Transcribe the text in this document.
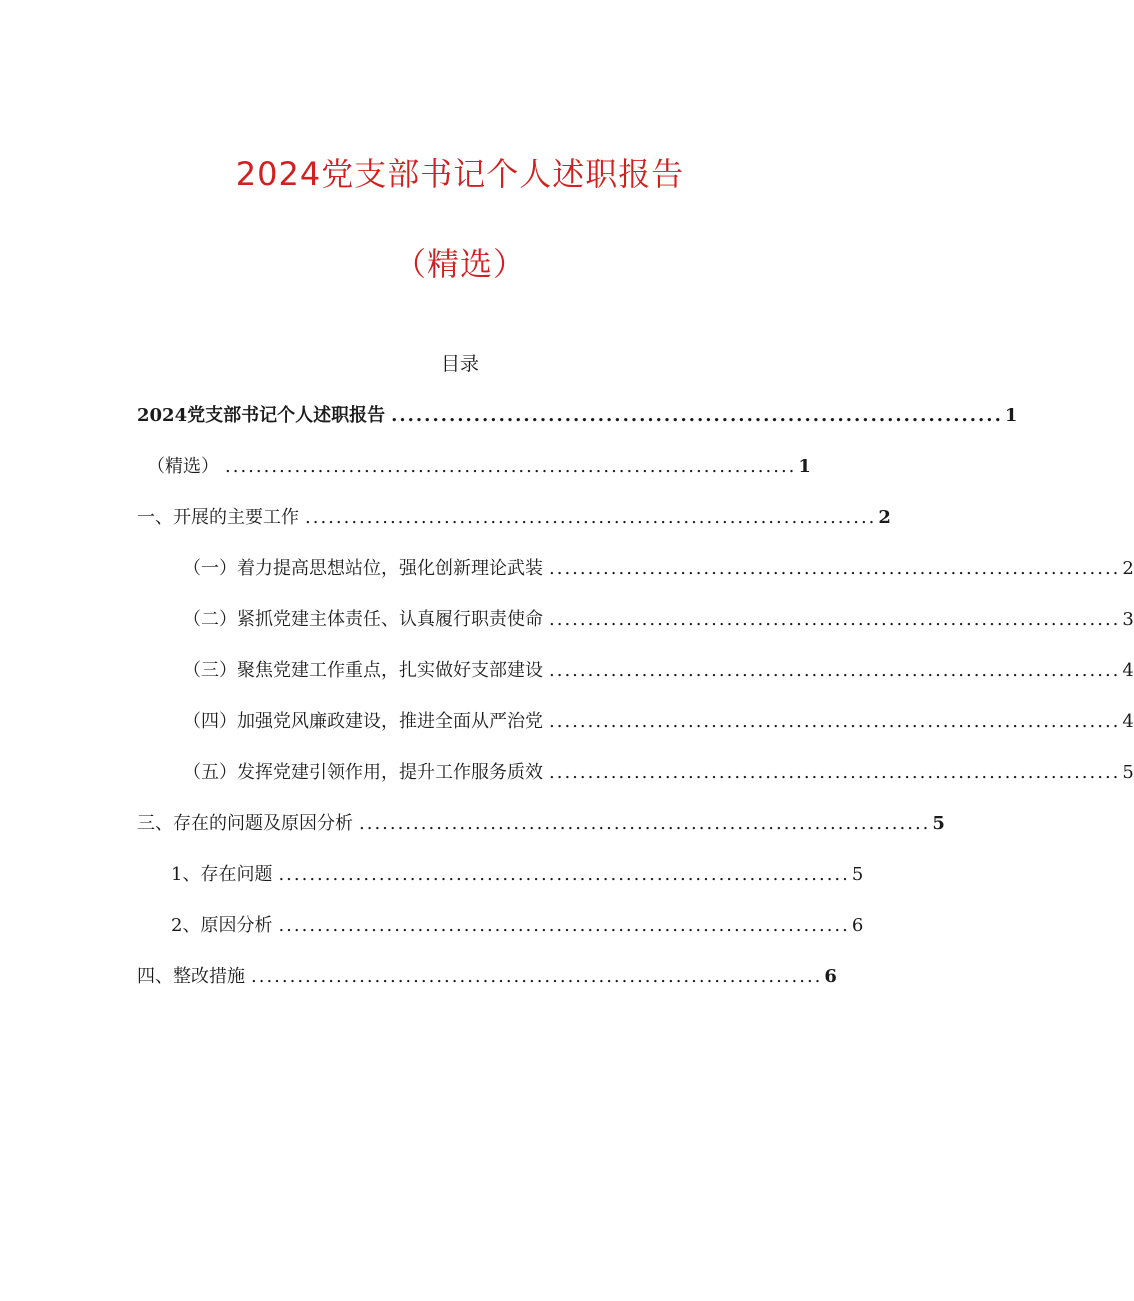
2024党支部书记个人述职报告
（精选）
目录
2024党支部书记个人述职报告 .......................................................................... 1
（精选） .......................................................................... 1
一、开展的主要工作 .......................................................................... 2
（一）着力提高思想站位，强化创新理论武装 .......................................................................... 2
（二）紧抓党建主体责任、认真履行职责使命 .......................................................................... 3
（三）聚焦党建工作重点，扎实做好支部建设 .......................................................................... 4
（四）加强党风廉政建设，推进全面从严治党 .......................................................................... 4
（五）发挥党建引领作用，提升工作服务质效 .......................................................................... 5
三、存在的问题及原因分析 .......................................................................... 5
1、存在问题 .......................................................................... 5
2、原因分析 .......................................................................... 6
四、整改措施 .......................................................................... 6
